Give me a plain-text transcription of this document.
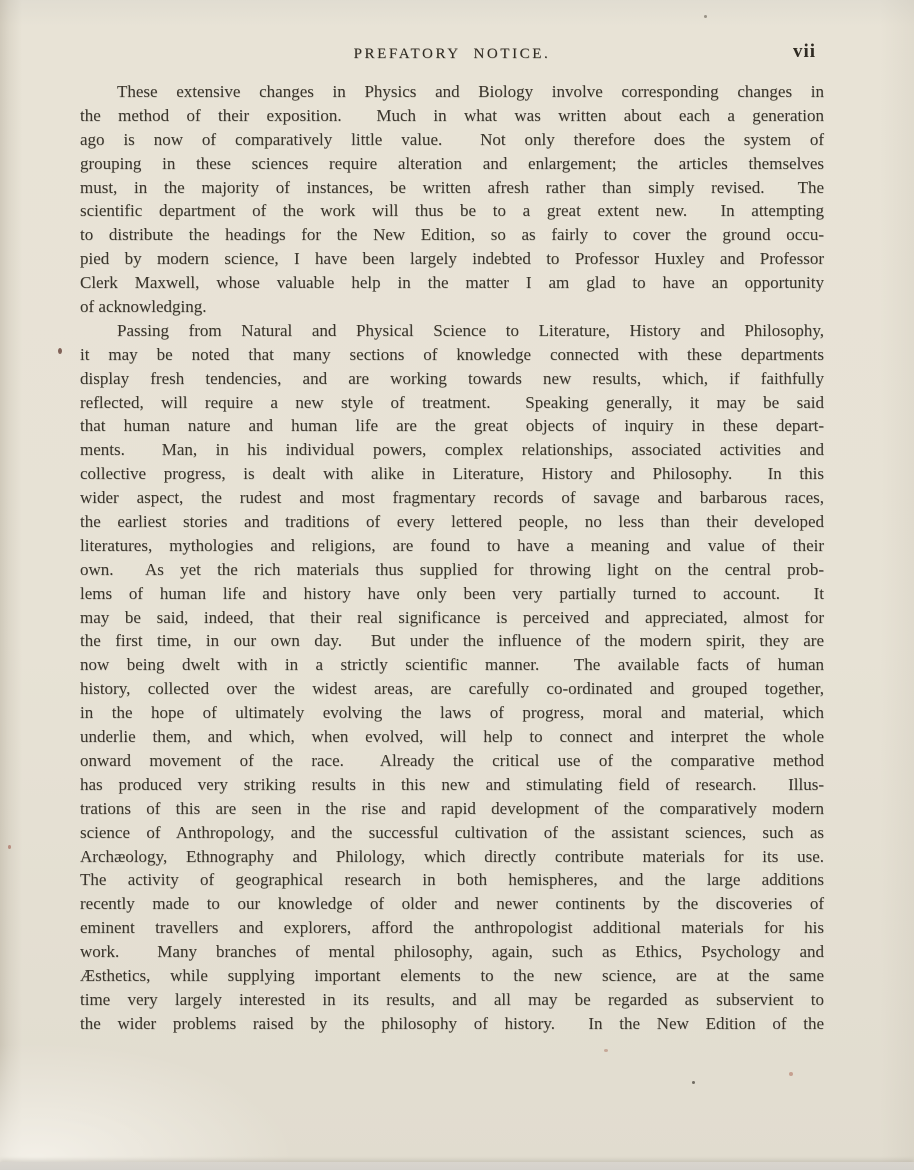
PREFATORY NOTICE.	vii
These extensive changes in Physics and Biology involve corresponding changes in
the method of their exposition.  Much in what was written about each a generation
ago is now of comparatively little value.  Not only therefore does the system of
grouping in these sciences require alteration and enlargement; the articles themselves
must, in the majority of instances, be written afresh rather than simply revised.  The
scientific department of the work will thus be to a great extent new.  In attempting
to distribute the headings for the New Edition, so as fairly to cover the ground occu-
pied by modern science, I have been largely indebted to Professor Huxley and Professor
Clerk Maxwell, whose valuable help in the matter I am glad to have an opportunity
of acknowledging.
Passing from Natural and Physical Science to Literature, History and Philosophy,
it may be noted that many sections of knowledge connected with these departments
display fresh tendencies, and are working towards new results, which, if faithfully
reflected, will require a new style of treatment.  Speaking generally, it may be said
that human nature and human life are the great objects of inquiry in these depart-
ments.  Man, in his individual powers, complex relationships, associated activities and
collective progress, is dealt with alike in Literature, History and Philosophy.  In this
wider aspect, the rudest and most fragmentary records of savage and barbarous races,
the earliest stories and traditions of every lettered people, no less than their developed
literatures, mythologies and religions, are found to have a meaning and value of their
own.  As yet the rich materials thus supplied for throwing light on the central prob-
lems of human life and history have only been very partially turned to account.  It
may be said, indeed, that their real significance is perceived and appreciated, almost for
the first time, in our own day.  But under the influence of the modern spirit, they are
now being dwelt with in a strictly scientific manner.  The available facts of human
history, collected over the widest areas, are carefully co-ordinated and grouped together,
in the hope of ultimately evolving the laws of progress, moral and material, which
underlie them, and which, when evolved, will help to connect and interpret the whole
onward movement of the race.  Already the critical use of the comparative method
has produced very striking results in this new and stimulating field of research.  Illus-
trations of this are seen in the rise and rapid development of the comparatively modern
science of Anthropology, and the successful cultivation of the assistant sciences, such as
Archæology, Ethnography and Philology, which directly contribute materials for its use.
The activity of geographical research in both hemispheres, and the large additions
recently made to our knowledge of older and newer continents by the discoveries of
eminent travellers and explorers, afford the anthropologist additional materials for his
work.  Many branches of mental philosophy, again, such as Ethics, Psychology and
Æsthetics, while supplying important elements to the new science, are at the same
time very largely interested in its results, and all may be regarded as subservient to
the wider problems raised by the philosophy of history.  In the New Edition of the
